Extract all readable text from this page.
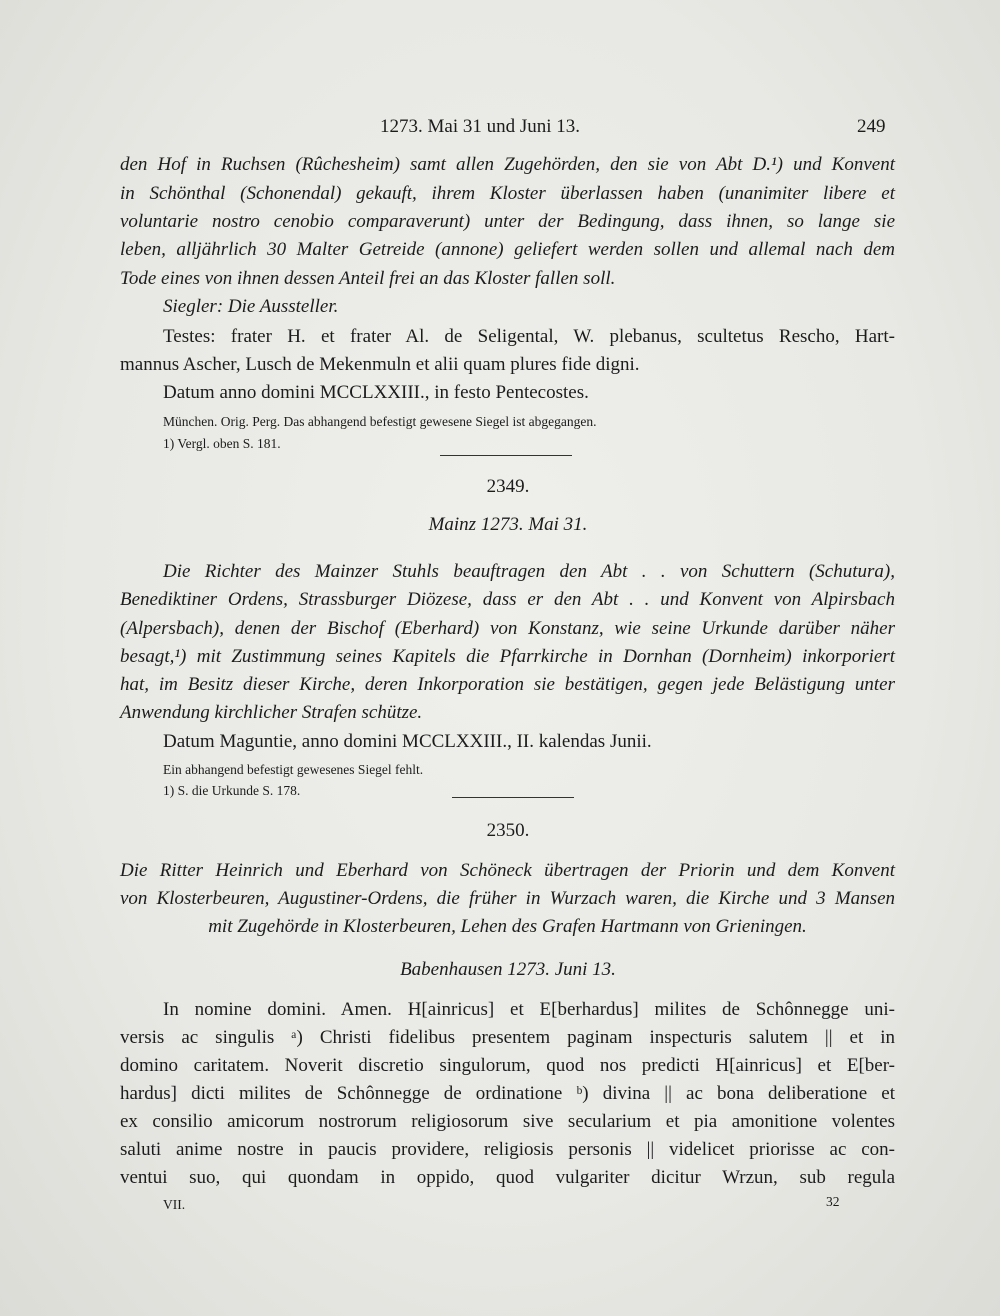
1273. Mai 31 und Juni 13.	249
den Hof in Ruchsen (Rûchesheim) samt allen Zugehörden, den sie von Abt D.¹) und Konvent
in Schönthal (Schonendal) gekauft, ihrem Kloster überlassen haben (unanimiter libere et
voluntarie nostro cenobio comparaverunt) unter der Bedingung, dass ihnen, so lange sie
leben, alljährlich 30 Malter Getreide (annone) geliefert werden sollen und allemal nach dem
Tode eines von ihnen dessen Anteil frei an das Kloster fallen soll.
Siegler: Die Aussteller.
Testes: frater H. et frater Al. de Seligental, W. plebanus, scultetus Rescho, Hart-
mannus Ascher, Lusch de Mekenmuln et alii quam plures fide digni.
Datum anno domini MCCLXXIII., in festo Pentecostes.
München. Orig. Perg. Das abhangend befestigt gewesene Siegel ist abgegangen.
1) Vergl. oben S. 181.
2349.
Mainz 1273. Mai 31.
Die Richter des Mainzer Stuhls beauftragen den Abt . . von Schuttern (Schutura),
Benediktiner Ordens, Strassburger Diözese, dass er den Abt . . und Konvent von Alpirsbach
(Alpersbach), denen der Bischof (Eberhard) von Konstanz, wie seine Urkunde darüber näher
besagt,¹) mit Zustimmung seines Kapitels die Pfarrkirche in Dornhan (Dornheim) inkorporiert
hat, im Besitz dieser Kirche, deren Inkorporation sie bestätigen, gegen jede Belästigung unter
Anwendung kirchlicher Strafen schütze.
Datum Maguntie, anno domini MCCLXXIII., II. kalendas Junii.
Ein abhangend befestigt gewesenes Siegel fehlt.
1) S. die Urkunde S. 178.
2350.
Die Ritter Heinrich und Eberhard von Schöneck übertragen der Priorin und dem Konvent
von Klosterbeuren, Augustiner-Ordens, die früher in Wurzach waren, die Kirche und 3 Mansen
mit Zugehörde in Klosterbeuren, Lehen des Grafen Hartmann von Grieningen.
Babenhausen 1273. Juni 13.
In nomine domini. Amen. H[ainricus] et E[berhardus] milites de Schônnegge uni-
versis ac singulis ᵃ) Christi fidelibus presentem paginam inspecturis salutem || et in
domino caritatem. Noverit discretio singulorum, quod nos predicti H[ainricus] et E[ber-
hardus] dicti milites de Schônnegge de ordinatione ᵇ) divina || ac bona deliberatione et
ex consilio amicorum nostrorum religiosorum sive secularium et pia amonitione volentes
saluti anime nostre in paucis providere, religiosis personis || videlicet priorisse ac con-
ventui suo, qui quondam in oppido, quod vulgariter dicitur Wrzun, sub regula
VII.	32
